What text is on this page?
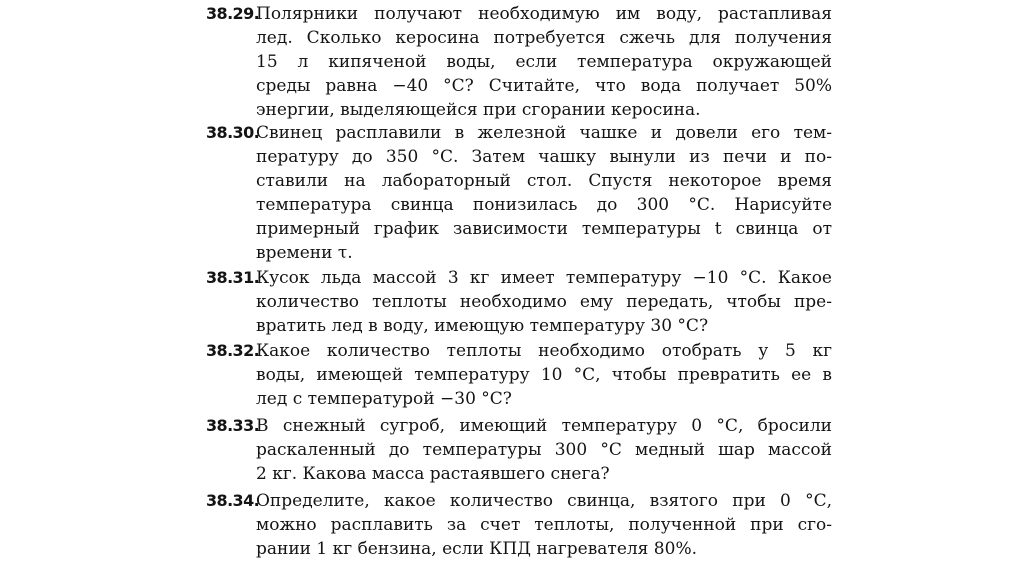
38.29.
Полярники получают необходимую им воду, растапливая
лед. Сколько керосина потребуется сжечь для получения
15 л кипяченой воды, если температура окружающей
среды равна −40 °С? Считайте, что вода получает 50%
энергии, выделяющейся при сгорании керосина.
38.30.
Свинец расплавили в железной чашке и довели его тем-
пературу до 350 °С. Затем чашку вынули из печи и по-
ставили на лабораторный стол. Спустя некоторое время
температура свинца понизилась до 300 °С. Нарисуйте
примерный график зависимости температуры t свинца от
времени τ.
38.31.
Кусок льда массой 3 кг имеет температуру −10 °С. Какое
количество теплоты необходимо ему передать, чтобы пре-
вратить лед в воду, имеющую температуру 30 °С?
38.32.
Какое количество теплоты необходимо отобрать у 5 кг
воды, имеющей температуру 10 °С, чтобы превратить ее в
лед с температурой −30 °С?
38.33.
В снежный сугроб, имеющий температуру 0 °С, бросили
раскаленный до температуры 300 °С медный шар массой
2 кг. Какова масса растаявшего снега?
38.34.
Определите, какое количество свинца, взятого при 0 °С,
можно расплавить за счет теплоты, полученной при сго-
рании 1 кг бензина, если КПД нагревателя 80%.
